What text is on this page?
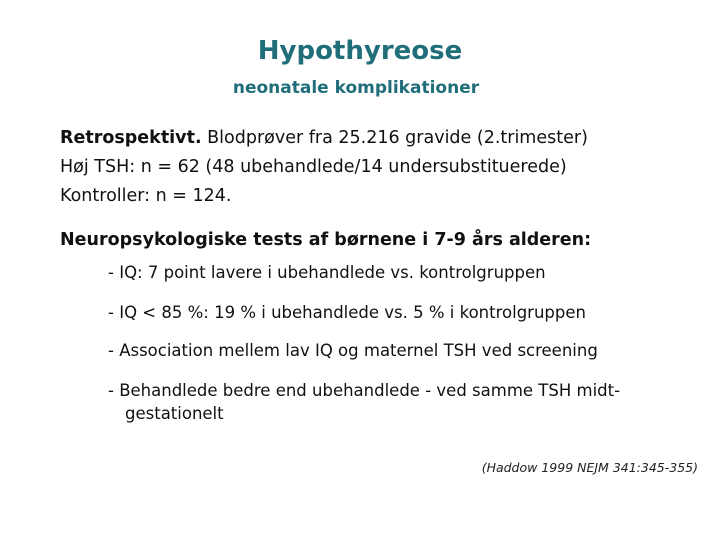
Hypothyreose
neonatale komplikationer
Retrospektivt. Blodprøver fra 25.216 gravide (2.trimester)
Høj TSH: n = 62 (48 ubehandlede/14 undersubstituerede)
Kontroller: n = 124.
Neuropsykologiske tests af børnene i 7-9 års alderen:
- IQ: 7 point lavere i ubehandlede vs. kontrolgruppen
- IQ < 85 %: 19 % i ubehandlede vs. 5 % i kontrolgruppen
- Association mellem lav IQ og maternel TSH ved screening
- Behandlede bedre end ubehandlede - ved samme TSH midt-
gestationelt
(Haddow 1999 NEJM 341:345-355)
